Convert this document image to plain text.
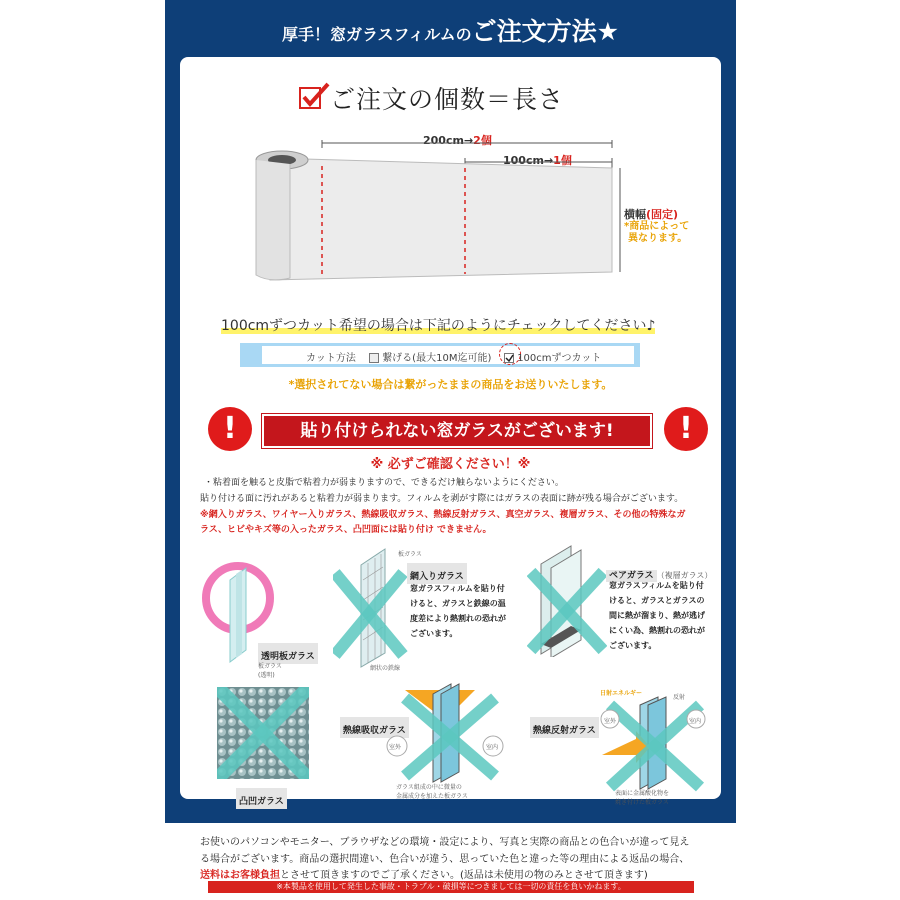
厚手！窓ガラスフィルムのご注文方法★
ご注文の個数＝長さ
200cm→2個
100cm→1個
横幅(固定)
*商品によって
異なります。
100cmずつカット希望の場合は下記のようにチェックしてください♪
カット方法	繋げる(最大10M迄可能)	100cmずつカット
*選択されてない場合は繋がったままの商品をお送りいたします。
!	貼り付けられない窓ガラスがございます!	!
※ 必ずご確認ください！※
・粘着面を触ると皮脂で粘着力が弱まりますので、できるだけ触らないようにください。
貼り付ける面に汚れがあると粘着力が弱まります。フィルムを剥がす際にはガラスの表面に跡が残る場合がございます。
※網入りガラス、ワイヤー入りガラス、熱線吸収ガラス、熱線反射ガラス、真空ガラス、複層ガラス、その他の特殊なガ
ラス、ヒビやキズ等の入ったガラス、凸凹面には貼り付け できません。
透明板ガラス
板ガラス
(透明)
板ガラス
網状の鉄線
網入りガラス
窓ガラスフィルムを貼り付
けると、ガラスと鉄線の温
度差により熱割れの恐れが
ございます。
ペアガラス （複層ガラス）
窓ガラスフィルムを貼り付
けると、ガラスとガラスの
間に熱が溜まり、熱が逃げ
にくい為、熱割れの恐れが
ございます。
凸凹ガラス
熱線吸収ガラス
室外	室内
ガラス組成の中に微量の
金属成分を加えた板ガラス
熱線反射ガラス
日射エネルギー
反射
室外	室内
表面に金属酸化物を
焼き付けた板ガラス
お使いのパソコンやモニター、ブラウザなどの環境・設定により、写真と実際の商品との色合いが違って見え
る場合がございます。商品の選択間違い、色合いが違う、思っていた色と違った等の理由による返品の場合、
送料はお客様負担とさせて頂きますのでご了承ください。(返品は未使用の物のみとさせて頂きます)
※本製品を使用して発生した事故・トラブル・破損等につきましては一切の責任を負いかねます。
